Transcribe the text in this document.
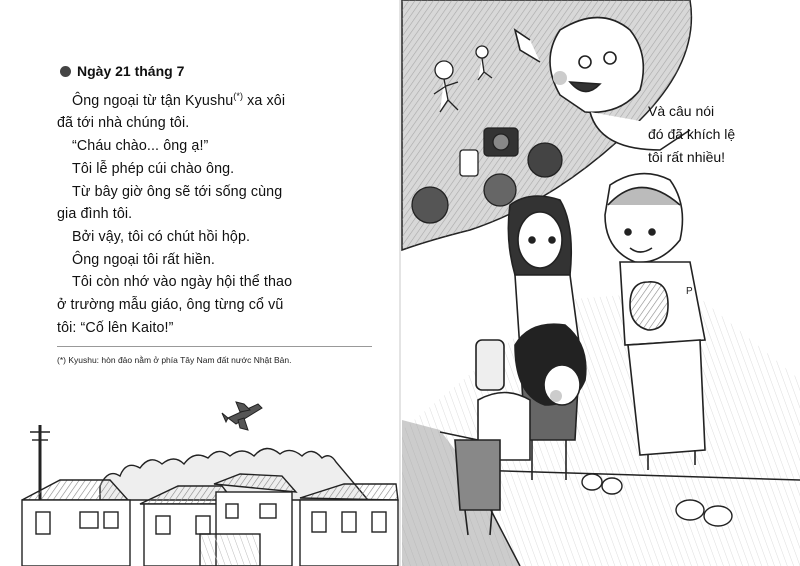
Ngày 21 tháng 7
Ông ngoại từ tận Kyushu(*) xa xôi
đã tới nhà chúng tôi.
“Cháu chào... ông ạ!”
Tôi lễ phép cúi chào ông.
Từ bây giờ ông sẽ tới sống cùng
gia đình tôi.
Bởi vậy, tôi có chút hồi hộp.
Ông ngoại tôi rất hiền.
Tôi còn nhớ vào ngày hội thể thao
ở trường mẫu giáo, ông từng cổ vũ
tôi: “Cố lên Kaito!”
(*) Kyushu: hòn đảo nằm ở phía Tây Nam đất nước Nhật Bản.
P
Và câu nói
đó đã khích lệ
tôi rất nhiều!
